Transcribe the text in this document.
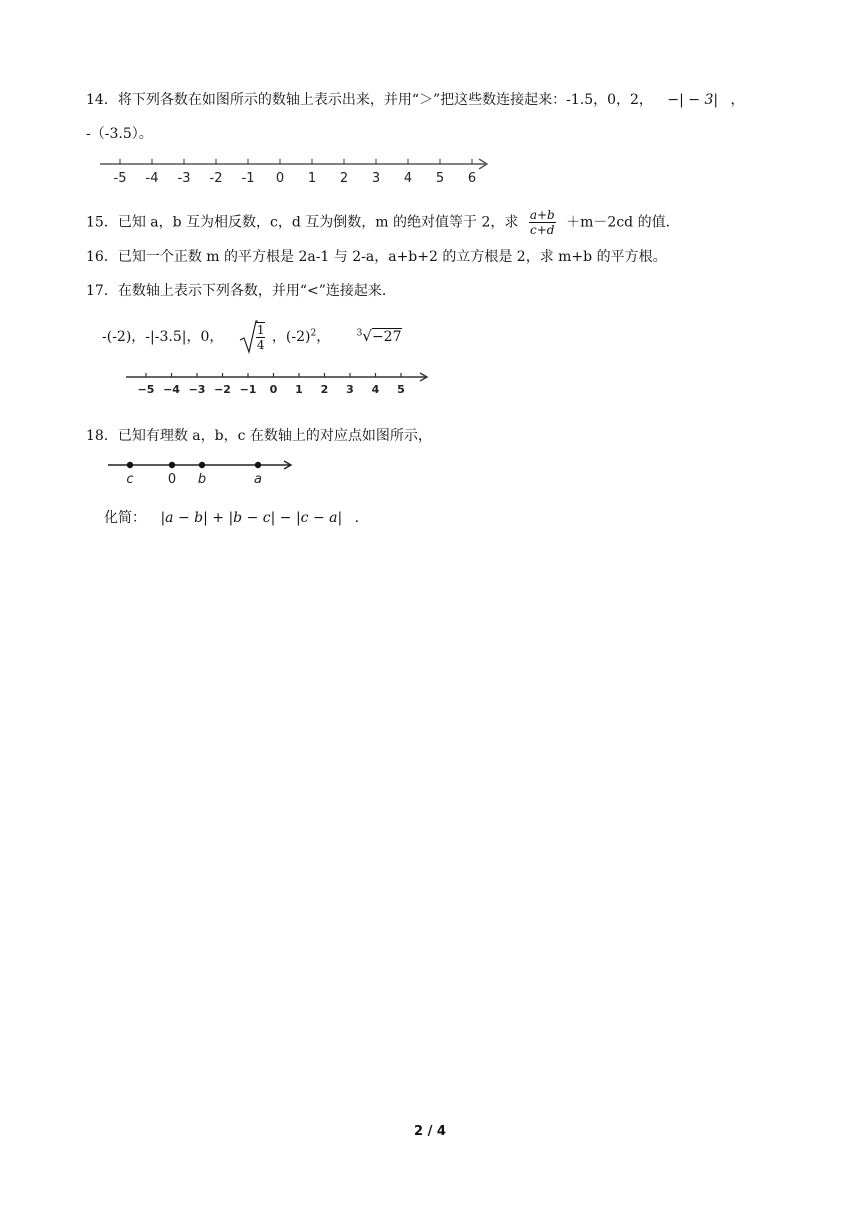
14．将下列各数在如图所示的数轴上表示出来，并用“＞”把这些数连接起来：-1.5，0，2， −| − 3| ，
-（-3.5）。
-5 -4 -3 -2 -1 0 1 2 3 4 5 6
15．已知 a，b 互为相反数，c，d 互为倒数，m 的绝对值等于 2，求 $\frac{a+b}{c+d} +m-2cd$ 的值.
16．已知一个正数 m 的平方根是 2a-1 与 2-a，a+b+2 的立方根是 2，求 m+b 的平方根。
17．在数轴上表示下列各数，并用“<”连接起来.
-(-2)，-|-3.5|，0，	$\frac{1}{4}$ ，$(-2)^2$，	$^3$√−27
−5 −4 −3 −2 −1 0 1 2 3 4 5
18．已知有理数 a，b，c 在数轴上的对应点如图所示，
c	0 b	a
化简： |a − b| + |b − c| − |c − a| .
2 / 4
